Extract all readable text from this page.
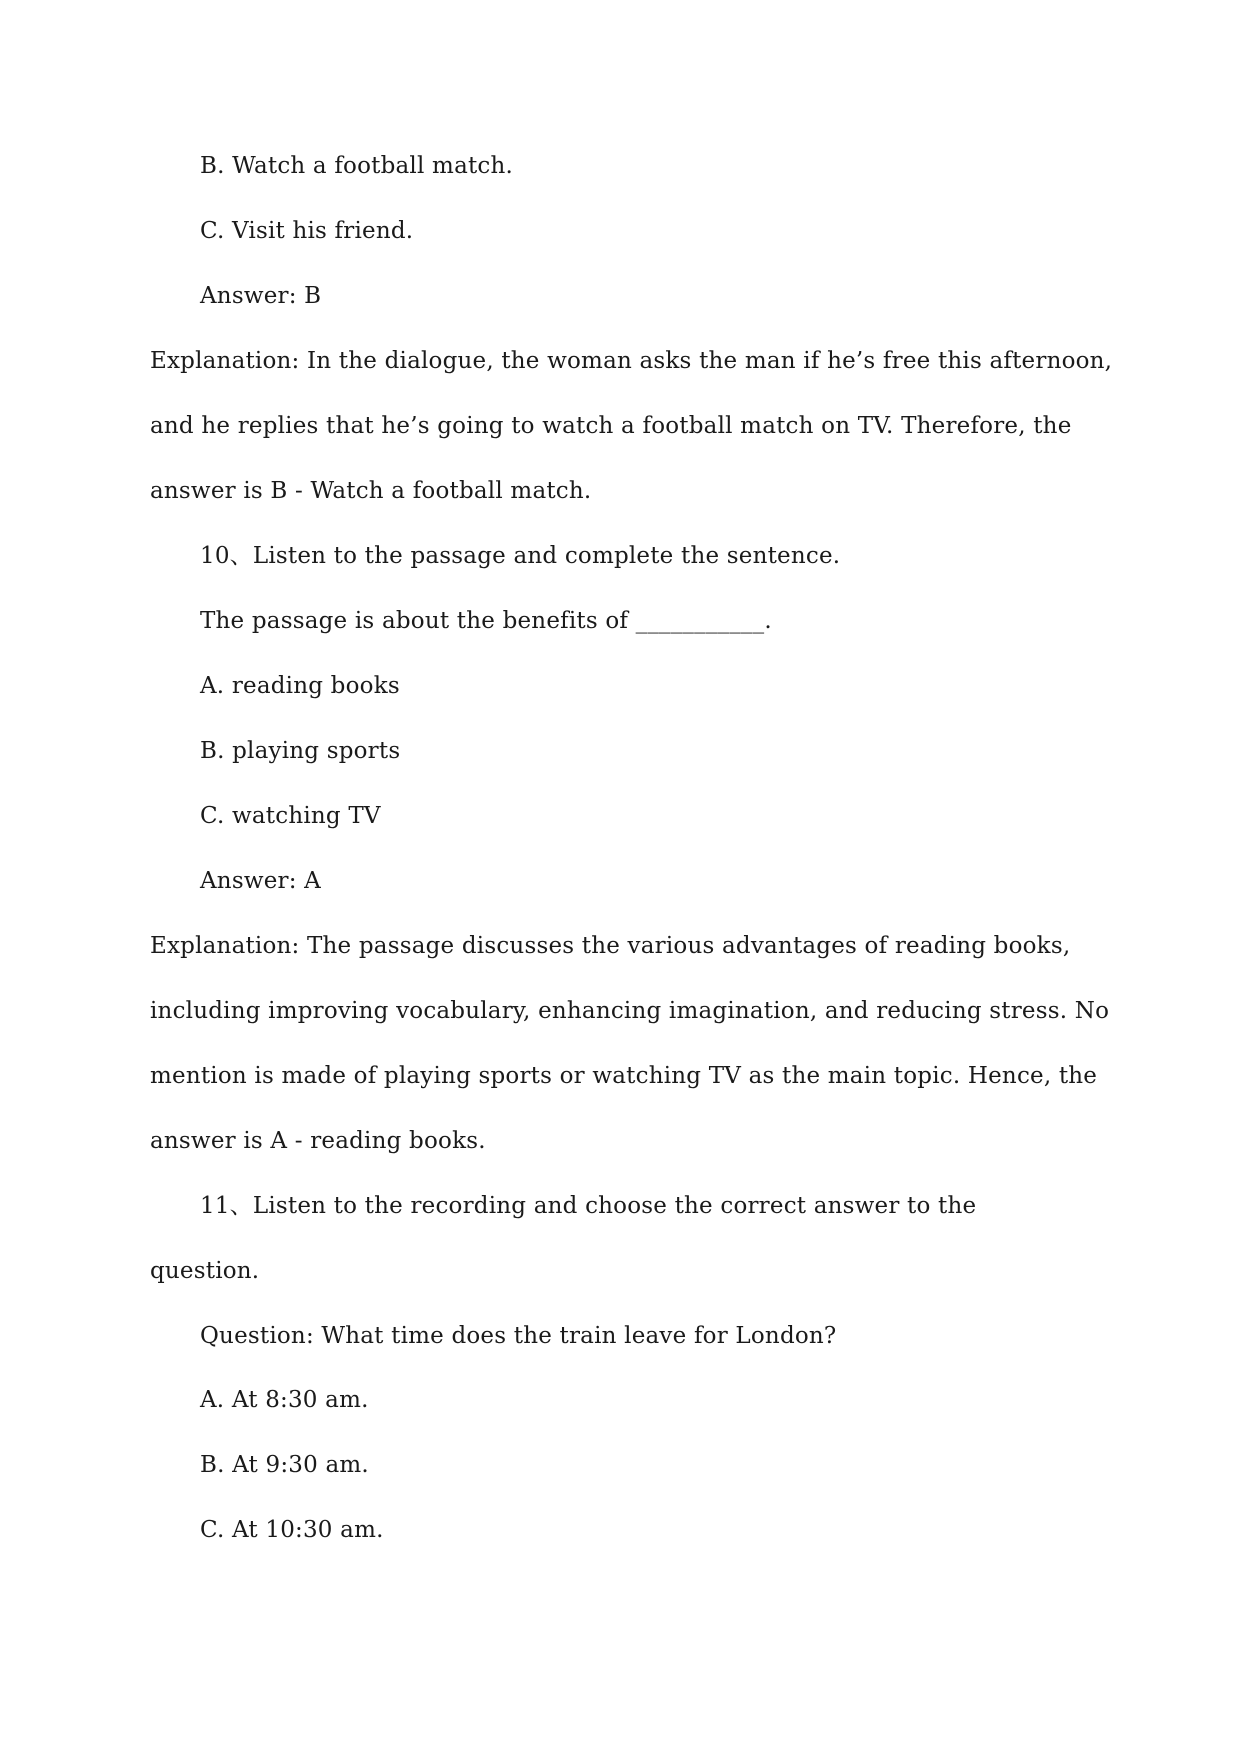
B. Watch a football match.
C. Visit his friend.
Answer: B
Explanation: In the dialogue, the woman asks the man if he’s free this afternoon,
and he replies that he’s going to watch a football match on TV. Therefore, the
answer is B - Watch a football match.
10、Listen to the passage and complete the sentence.
The passage is about the benefits of ___________.
A. reading books
B. playing sports
C. watching TV
Answer: A
Explanation: The passage discusses the various advantages of reading books,
including improving vocabulary, enhancing imagination, and reducing stress. No
mention is made of playing sports or watching TV as the main topic. Hence, the
answer is A - reading books.
11、Listen to the recording and choose the correct answer to the
question.
Question: What time does the train leave for London?
A. At 8:30 am.
B. At 9:30 am.
C. At 10:30 am.
